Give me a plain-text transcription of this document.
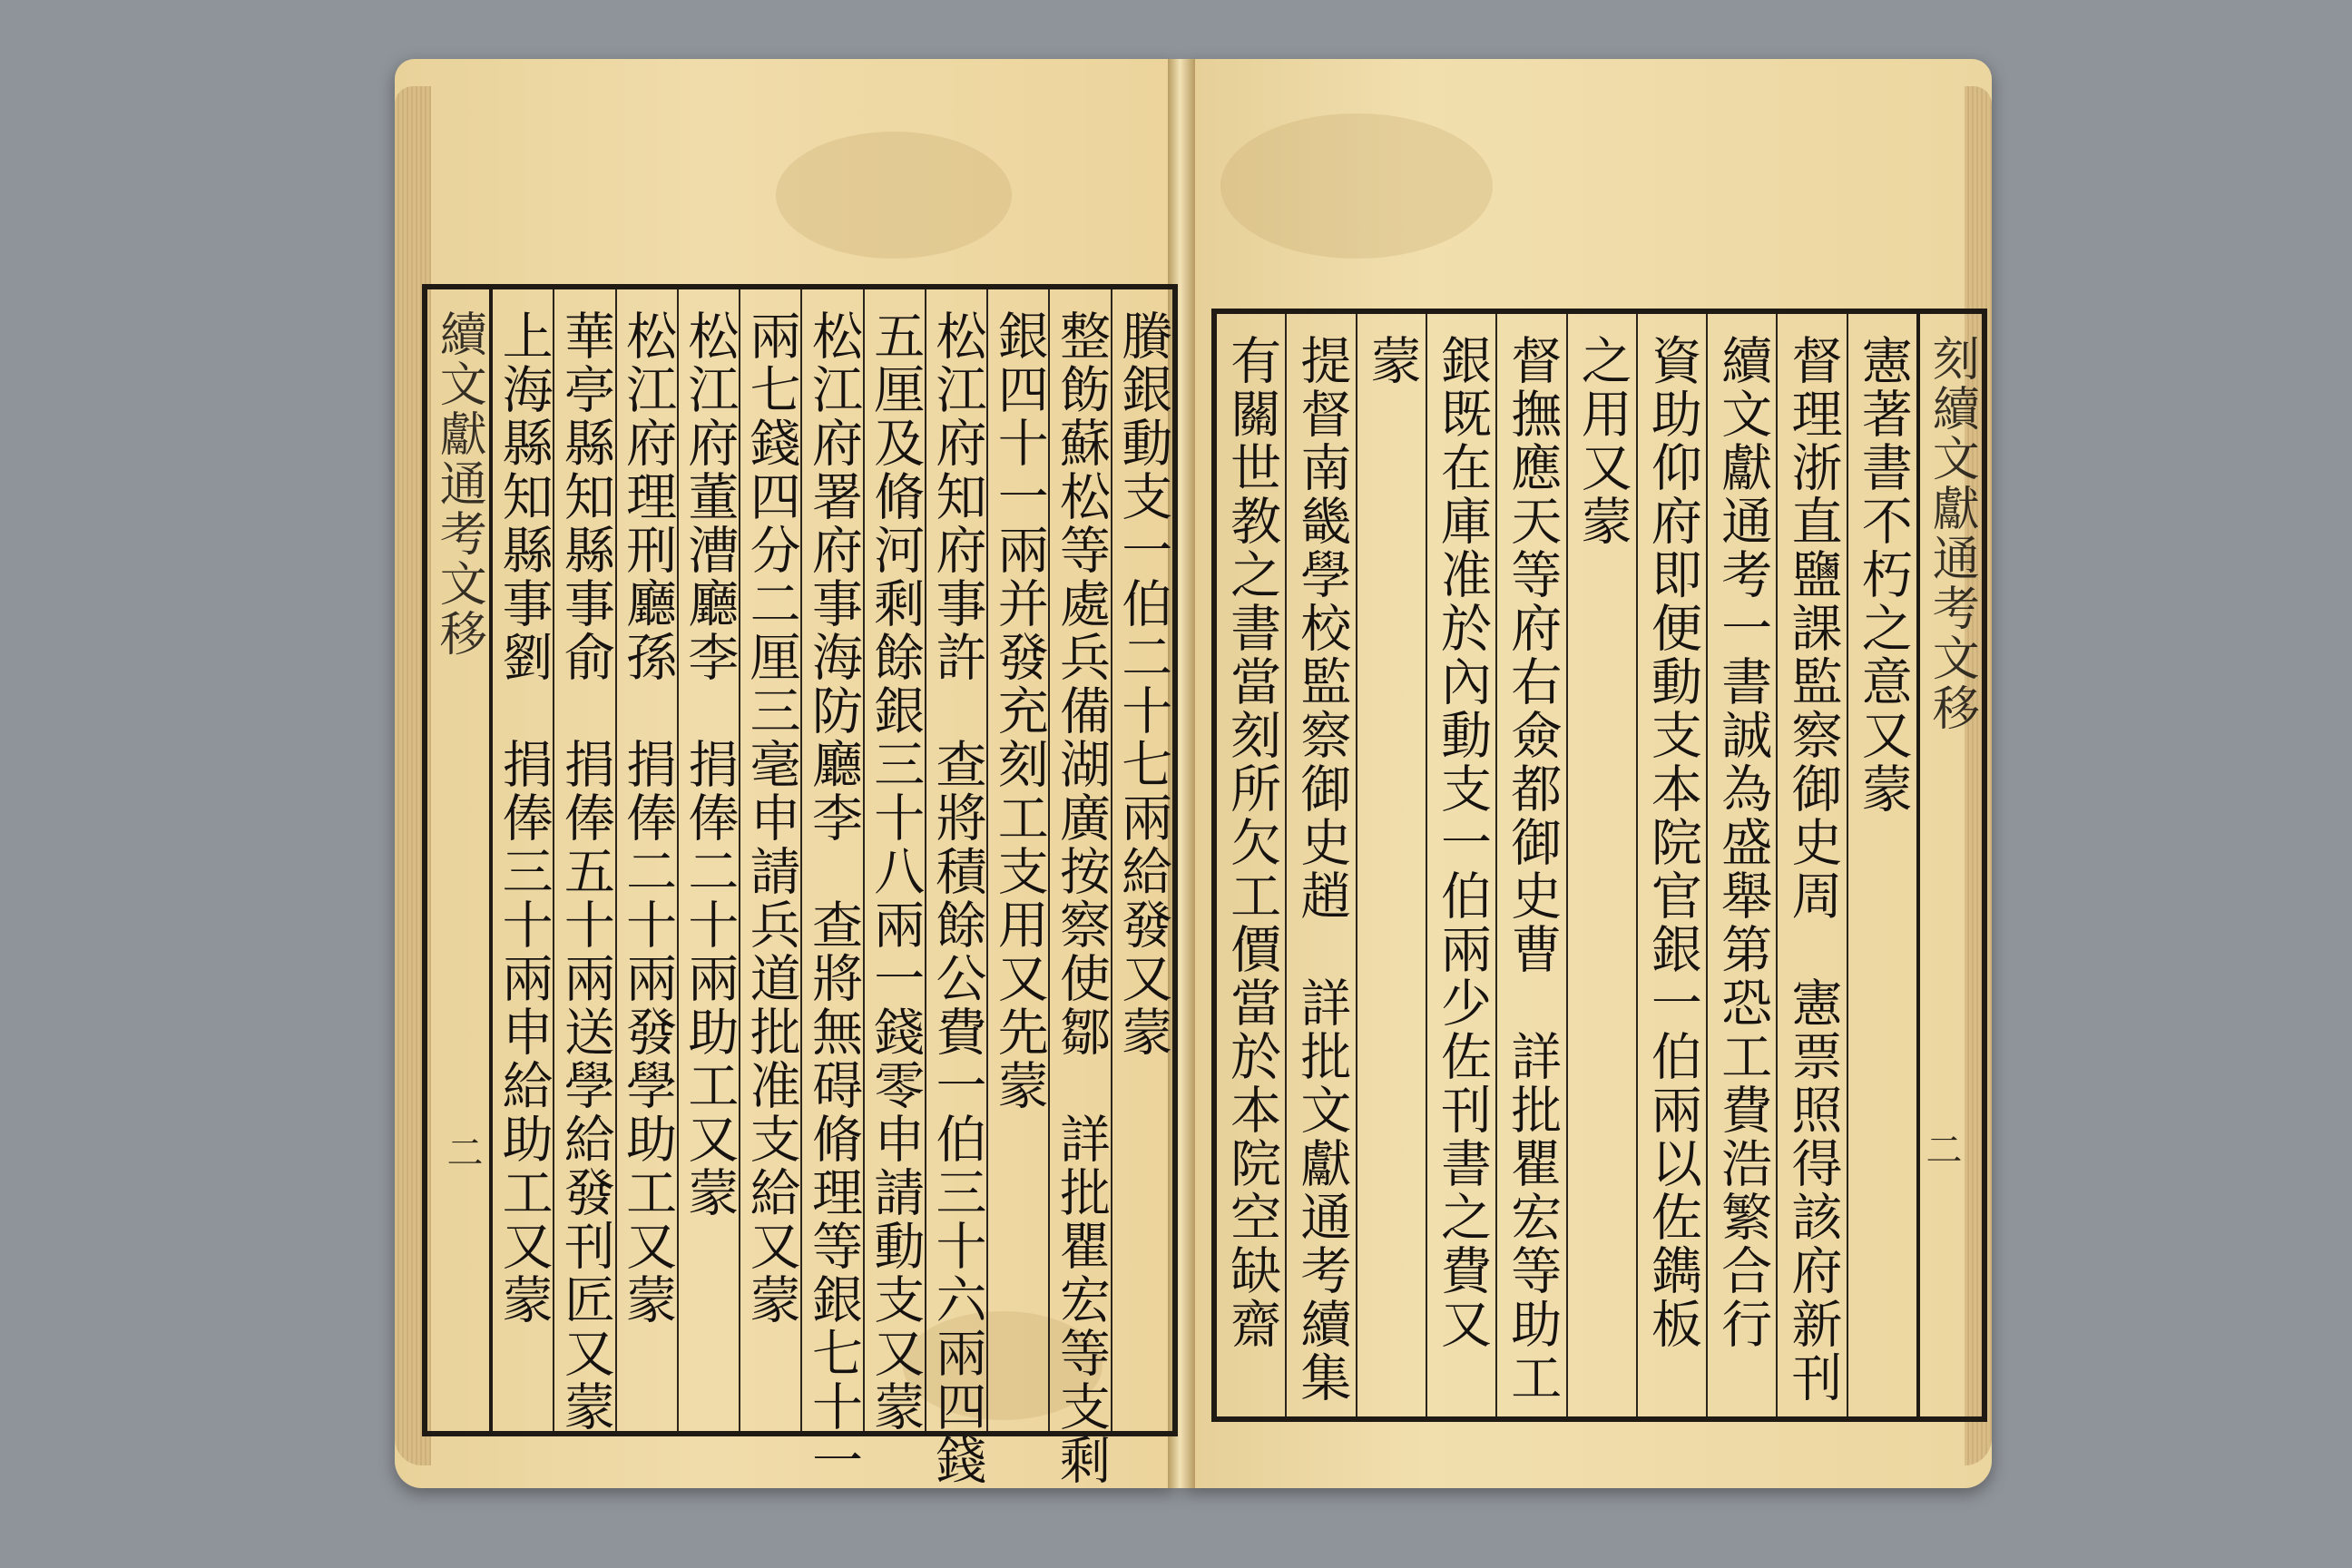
續文獻通考文移
二
賸銀動支一伯二十七兩給發又蒙
整飭蘇松等處兵備湖廣按察使鄒　詳批瞿宏等支剩
銀四十一兩并發充刻工支用又先蒙
松江府知府事許　查將積餘公費一伯三十六兩四錢
五厘及脩河剩餘銀三十八兩一錢零申請動支又蒙
松江府署府事海防廳李　查將無碍脩理等銀七十一
兩七錢四分二厘三毫申請兵道批准支給又蒙
松江府董漕廳李　捐俸二十兩助工又蒙
松江府理刑廳孫　捐俸二十兩發學助工又蒙
華亭縣知縣事俞　捐俸五十兩送學給發刊匠又蒙
上海縣知縣事劉　捐俸三十兩申給助工又蒙	刻續文獻通考文移
二
憲著書不朽之意又蒙
督理浙直鹽課監察御史周　憲票照得該府新刊
續文獻通考一書誠為盛舉第恐工費浩繁合行
資助仰府即便動支本院官銀一伯兩以佐鐫板
之用又蒙
督撫應天等府右僉都御史曹　詳批瞿宏等助工
銀既在庫准於內動支一伯兩少佐刊書之費又
蒙
提督南畿學校監察御史趙　詳批文獻通考續集
有關世教之書當刻所欠工價當於本院空缺齋
